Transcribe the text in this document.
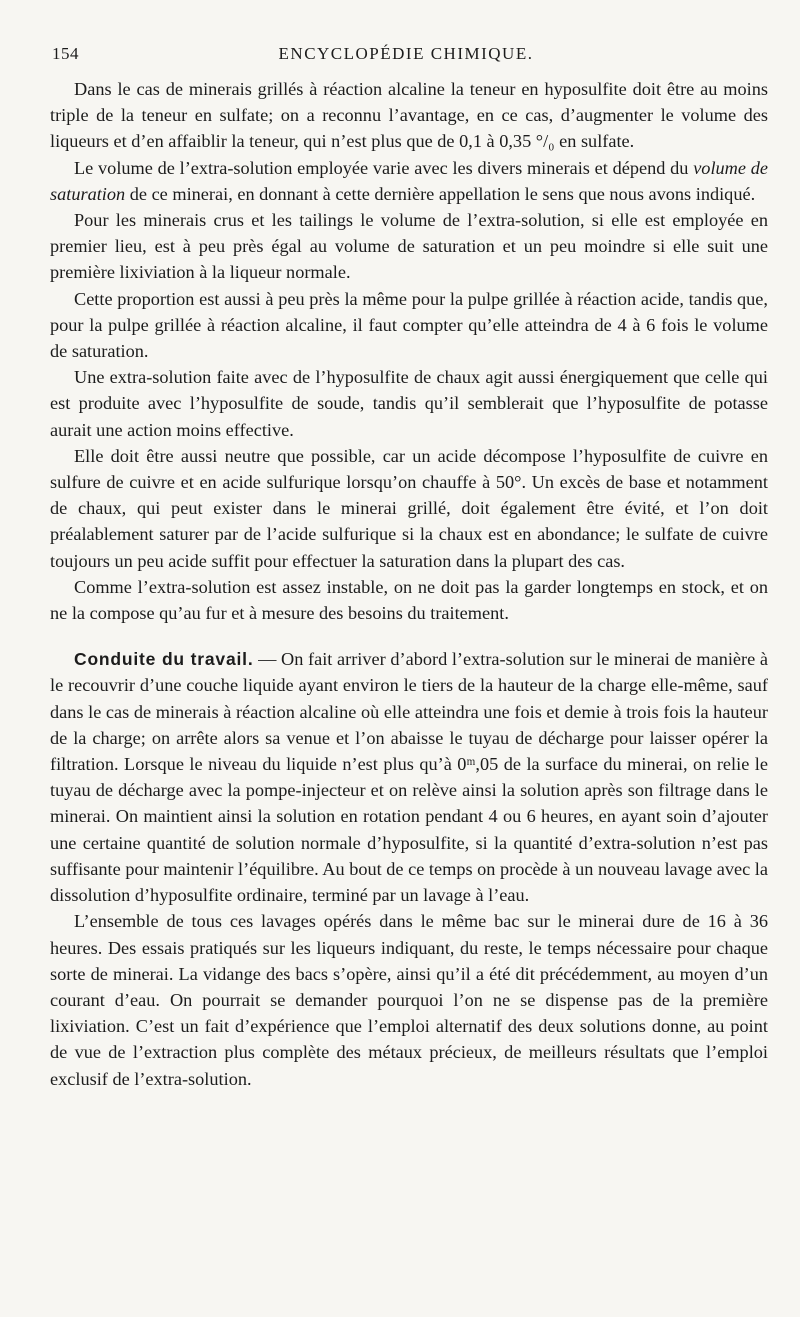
154	ENCYCLOPÉDIE CHIMIQUE.

Dans le cas de minerais grillés à réaction alcaline la teneur en hyposulfite doit être au moins triple de la teneur en sulfate; on a reconnu l’avantage, en ce cas, d’augmenter le volume des liqueurs et d’en affaiblir la teneur, qui n’est plus que de 0,1 à 0,35 °/₀ en sulfate.

Le volume de l’extra-solution employée varie avec les divers minerais et dépend du volume de saturation de ce minerai, en donnant à cette dernière appellation le sens que nous avons indiqué.

Pour les minerais crus et les tailings le volume de l’extra-solution, si elle est employée en premier lieu, est à peu près égal au volume de saturation et un peu moindre si elle suit une première lixiviation à la liqueur normale.

Cette proportion est aussi à peu près la même pour la pulpe grillée à réaction acide, tandis que, pour la pulpe grillée à réaction alcaline, il faut compter qu’elle atteindra de 4 à 6 fois le volume de saturation.

Une extra-solution faite avec de l’hyposulfite de chaux agit aussi énergiquement que celle qui est produite avec l’hyposulfite de soude, tandis qu’il semblerait que l’hyposulfite de potasse aurait une action moins effective.

Elle doit être aussi neutre que possible, car un acide décompose l’hyposulfite de cuivre en sulfure de cuivre et en acide sulfurique lorsqu’on chauffe à 50°. Un excès de base et notamment de chaux, qui peut exister dans le minerai grillé, doit également être évité, et l’on doit préalablement saturer par de l’acide sulfurique si la chaux est en abondance; le sulfate de cuivre toujours un peu acide suffit pour effectuer la saturation dans la plupart des cas.

Comme l’extra-solution est assez instable, on ne doit pas la garder longtemps en stock, et on ne la compose qu’au fur et à mesure des besoins du traitement.

Conduite du travail. — On fait arriver d’abord l’extra-solution sur le minerai de manière à le recouvrir d’une couche liquide ayant environ le tiers de la hauteur de la charge elle-même, sauf dans le cas de minerais à réaction alcaline où elle atteindra une fois et demie à trois fois la hauteur de la charge; on arrête alors sa venue et l’on abaisse le tuyau de décharge pour laisser opérer la filtration. Lorsque le niveau du liquide n’est plus qu’à 0ᵐ,05 de la surface du minerai, on relie le tuyau de décharge avec la pompe-injecteur et on relève ainsi la solution après son filtrage dans le minerai. On maintient ainsi la solution en rotation pendant 4 ou 6 heures, en ayant soin d’ajouter une certaine quantité de solution normale d’hyposulfite, si la quantité d’extra-solution n’est pas suffisante pour maintenir l’équilibre. Au bout de ce temps on procède à un nouveau lavage avec la dissolution d’hyposulfite ordinaire, terminé par un lavage à l’eau.

L’ensemble de tous ces lavages opérés dans le même bac sur le minerai dure de 16 à 36 heures. Des essais pratiqués sur les liqueurs indiquant, du reste, le temps nécessaire pour chaque sorte de minerai. La vidange des bacs s’opère, ainsi qu’il a été dit précédemment, au moyen d’un courant d’eau. On pourrait se demander pourquoi l’on ne se dispense pas de la première lixiviation. C’est un fait d’expérience que l’emploi alternatif des deux solutions donne, au point de vue de l’extraction plus complète des métaux précieux, de meilleurs résultats que l’emploi exclusif de l’extra-solution.
